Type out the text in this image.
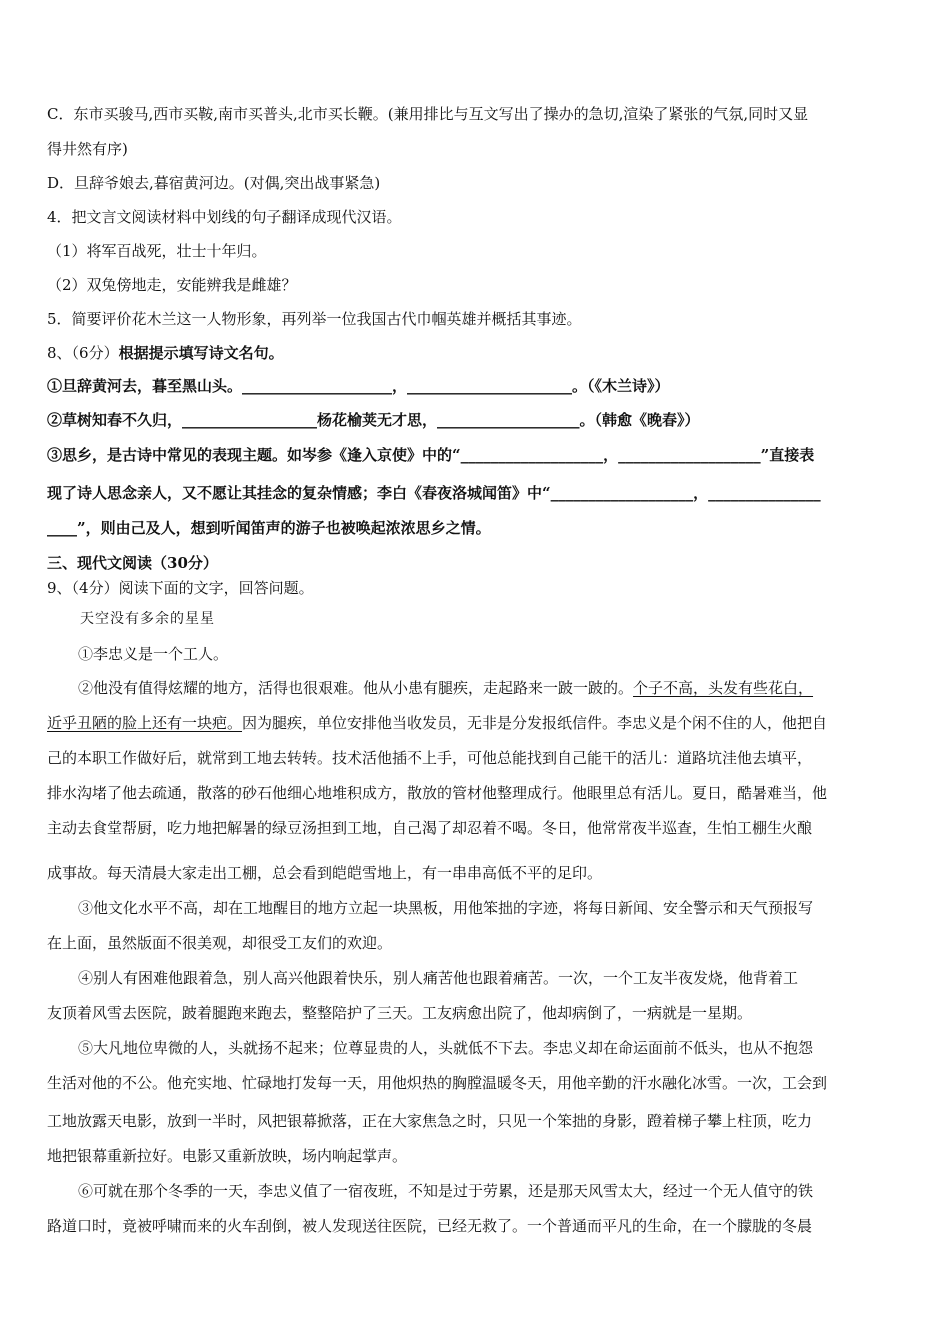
C．东市买骏马,西市买鞍,南市买普头,北市买长鞭。(兼用排比与互文写出了操办的急切,渲染了紧张的气氛,同时又显
得井然有序)
D．旦辞爷娘去,暮宿黄河边。(对偶,突出战事紧急)
4．把文言文阅读材料中划线的句子翻译成现代汉语。
（1）将军百战死，壮士十年归。
（2）双兔傍地走，安能辨我是雌雄？
5．简要评价花木兰这一人物形象，再列举一位我国古代巾帼英雄并概括其事迹。
8、（6分）根据提示填写诗文名句。
①旦辞黄河去，暮至黑山头。____________________，______________________。（《木兰诗》）
②草树知春不久归，__________________杨花榆荚无才思，___________________。（韩愈《晚春》）
③思乡，是古诗中常见的表现主题。如岑参《逢入京使》中的“___________________，___________________”直接表
现了诗人思念亲人，又不愿让其挂念的复杂情感；李白《春夜洛城闻笛》中“___________________，_______________
____”，则由己及人，想到听闻笛声的游子也被唤起浓浓思乡之情。
三、现代文阅读（30分）
9、（4分）阅读下面的文字，回答问题。
天空没有多余的星星
①李忠义是一个工人。
②他没有值得炫耀的地方，活得也很艰难。他从小患有腿疾，走起路来一跛一跛的。个子不高，头发有些花白，
近乎丑陋的脸上还有一块疤。因为腿疾，单位安排他当收发员，无非是分发报纸信件。李忠义是个闲不住的人，他把自
己的本职工作做好后，就常到工地去转转。技术活他插不上手，可他总能找到自己能干的活儿：道路坑洼他去填平，
排水沟堵了他去疏通，散落的砂石他细心地堆积成方，散放的管材他整理成行。他眼里总有活儿。夏日，酷暑难当，他
主动去食堂帮厨，吃力地把解暑的绿豆汤担到工地，自己渴了却忍着不喝。冬日，他常常夜半巡查，生怕工棚生火酿
成事故。每天清晨大家走出工棚，总会看到皑皑雪地上，有一串串高低不平的足印。
③他文化水平不高，却在工地醒目的地方立起一块黑板，用他笨拙的字迹，将每日新闻、安全警示和天气预报写
在上面，虽然版面不很美观，却很受工友们的欢迎。
④别人有困难他跟着急，别人高兴他跟着快乐，别人痛苦他也跟着痛苦。一次，一个工友半夜发烧，他背着工
友顶着风雪去医院，跛着腿跑来跑去，整整陪护了三天。工友病愈出院了，他却病倒了，一病就是一星期。
⑤大凡地位卑微的人，头就扬不起来；位尊显贵的人，头就低不下去。李忠义却在命运面前不低头，也从不抱怨
生活对他的不公。他充实地、忙碌地打发每一天，用他炽热的胸膛温暖冬天，用他辛勤的汗水融化冰雪。一次，工会到
工地放露天电影，放到一半时，风把银幕掀落，正在大家焦急之时，只见一个笨拙的身影，蹬着梯子攀上柱顶，吃力
地把银幕重新拉好。电影又重新放映，场内响起掌声。
⑥可就在那个冬季的一天，李忠义值了一宿夜班，不知是过于劳累，还是那天风雪太大，经过一个无人值守的铁
路道口时，竟被呼啸而来的火车刮倒，被人发现送往医院，已经无救了。一个普通而平凡的生命，在一个朦胧的冬晨
